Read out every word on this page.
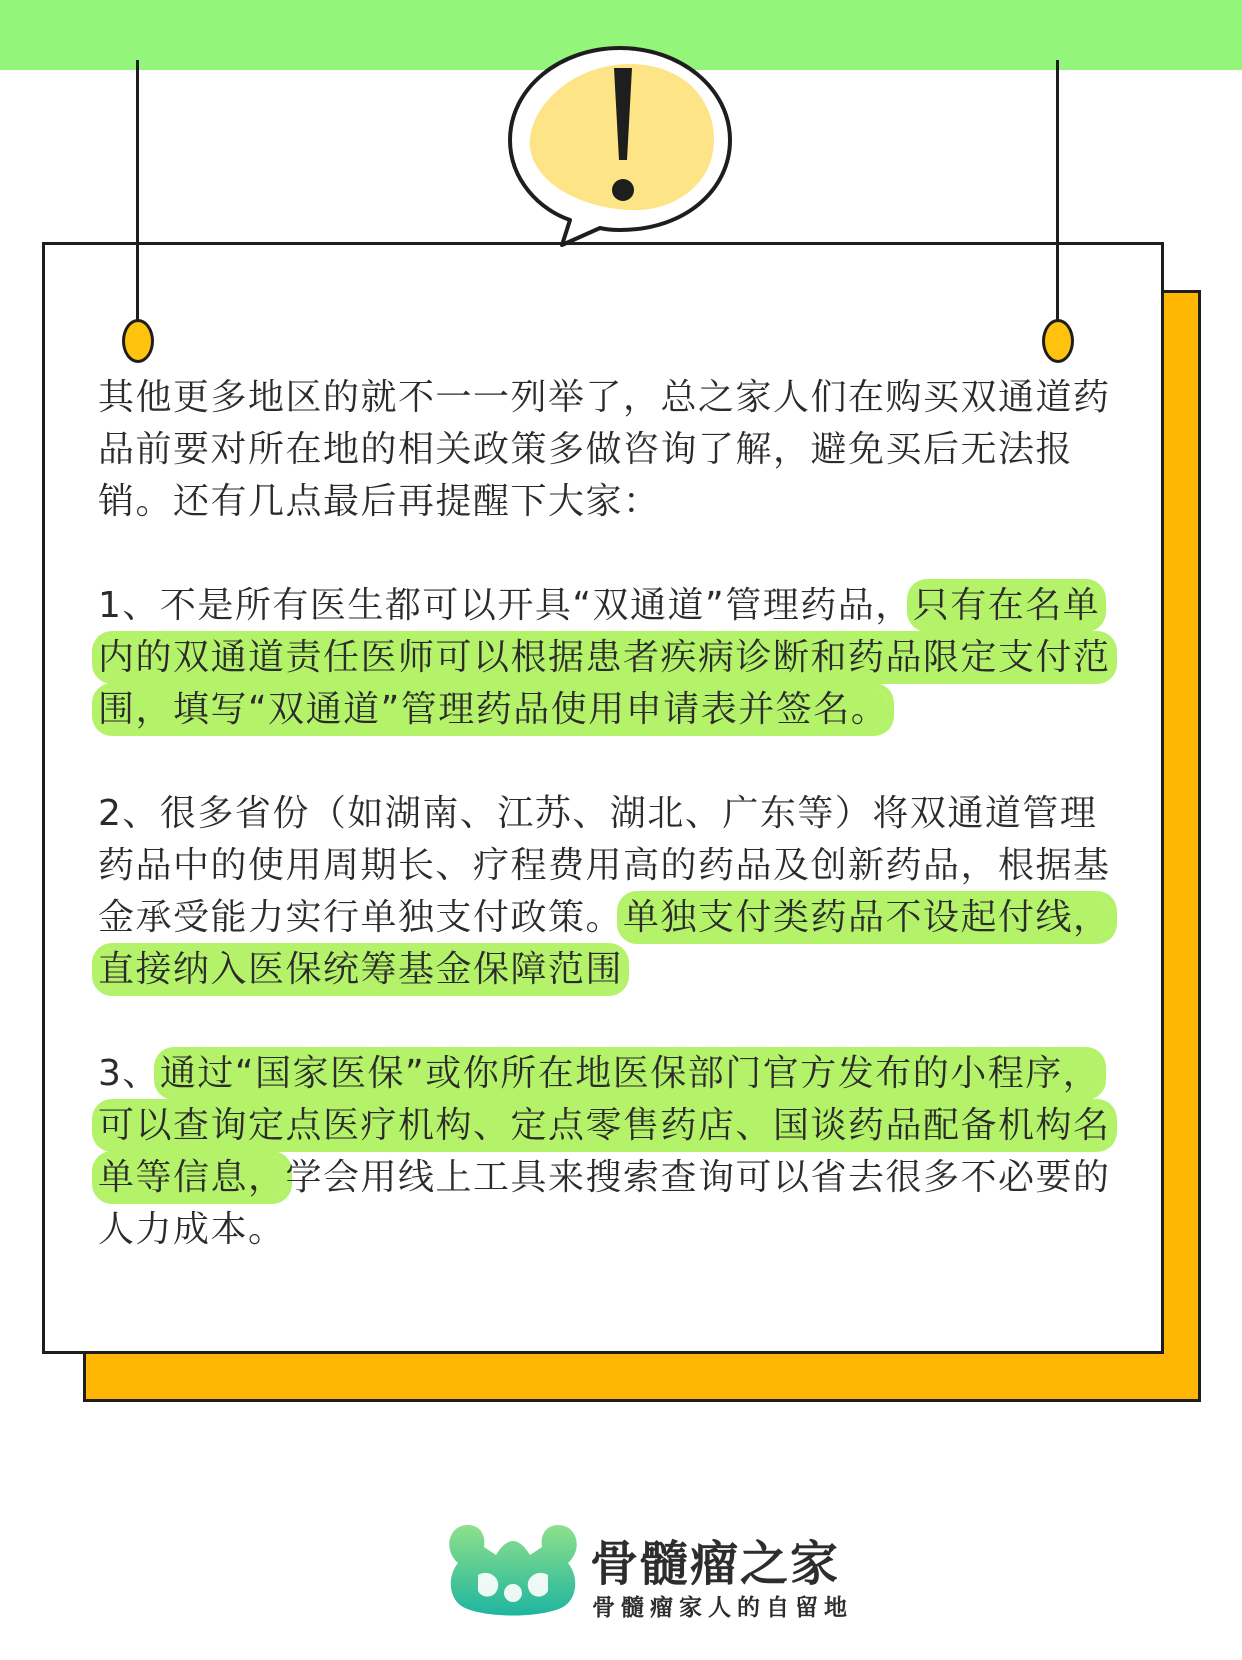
其他更多地区的就不一一列举了，总之家人们在购买双通道药品前要对所在地的相关政策多做咨询了解，避免买后无法报销。还有几点最后再提醒下大家：

1、不是所有医生都可以开具“双通道”管理药品，只有在名单内的双通道责任医师可以根据患者疾病诊断和药品限定支付范围，填写“双通道”管理药品使用申请表并签名。

2、很多省份（如湖南、江苏、湖北、广东等）将双通道管理药品中的使用周期长、疗程费用高的药品及创新药品，根据基金承受能力实行单独支付政策。单独支付类药品不设起付线，直接纳入医保统筹基金保障范围

3、通过“国家医保”或你所在地医保部门官方发布的小程序，可以查询定点医疗机构、定点零售药店、国谈药品配备机构名单等信息，学会用线上工具来搜索查询可以省去很多不必要的人力成本。

骨髓瘤之家
骨髓瘤家人的自留地
